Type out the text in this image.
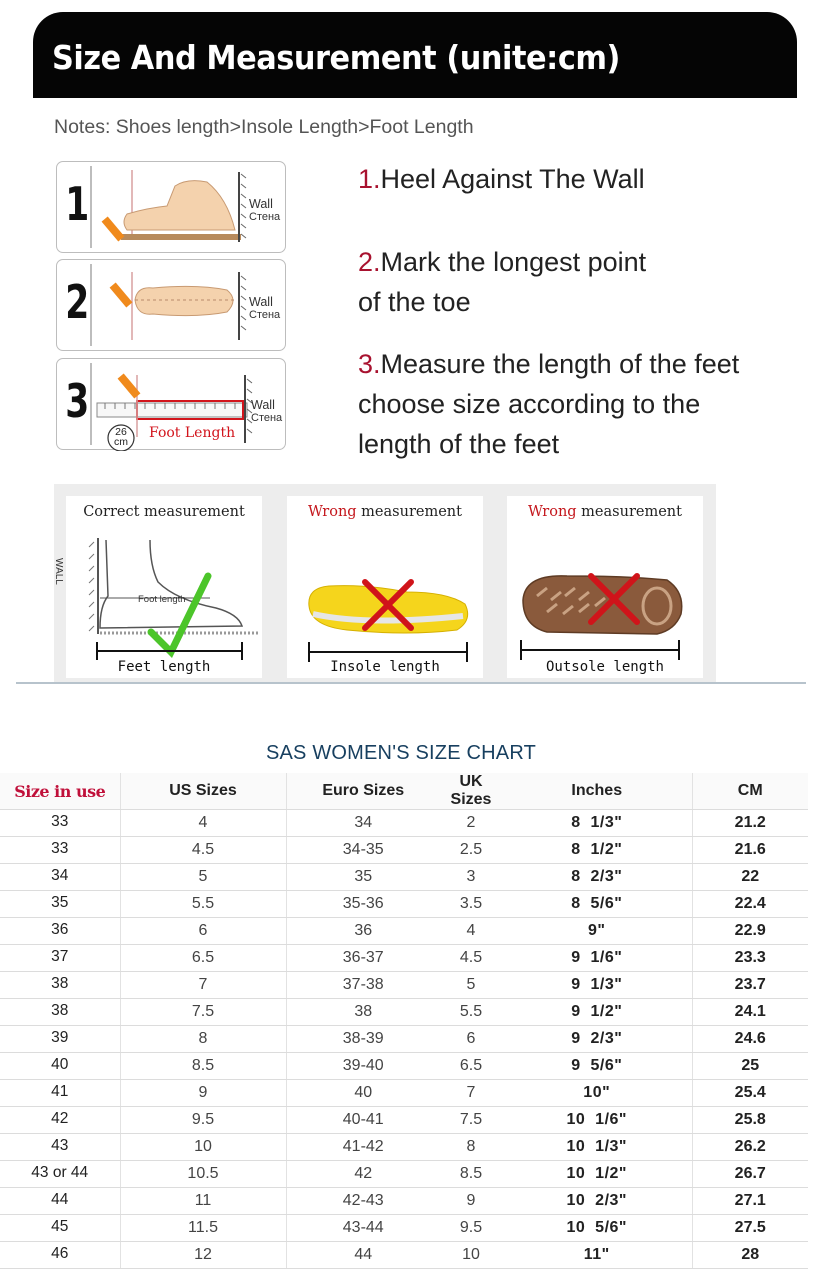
Size And Measurement (unite:cm)
Notes: Shoes length>Insole Length>Foot Length
1	Wall
Стена
2	Wall
Стена
3
26
cm
Foot Length
Wall
Стена
1.Heel Against The Wall
2.Mark the longest point
of the toe
3.Measure the length of the feet
choose size according to the
length of the feet
Correct measurement
WALL
Foot length
Feet length
Wrong measurement
Insole length
Wrong measurement
Outsole length
SAS WOMEN'S SIZE CHART
Size in use	US Sizes	Euro Sizes	UK Sizes	Inches	CM
33	4	34	2	8  1/3"	21.2
33	4.5	34-35	2.5	8  1/2"	21.6
34	5	35	3	8  2/3"	22
35	5.5	35-36	3.5	8  5/6"	22.4
36	6	36	4	9"	22.9
37	6.5	36-37	4.5	9  1/6"	23.3
38	7	37-38	5	9  1/3"	23.7
38	7.5	38	5.5	9  1/2"	24.1
39	8	38-39	6	9  2/3"	24.6
40	8.5	39-40	6.5	9  5/6"	25
41	9	40	7	10"	25.4
42	9.5	40-41	7.5	10  1/6"	25.8
43	10	41-42	8	10  1/3"	26.2
43 or 44	10.5	42	8.5	10  1/2"	26.7
44	11	42-43	9	10  2/3"	27.1
45	11.5	43-44	9.5	10  5/6"	27.5
46	12	44	10	11"	28
